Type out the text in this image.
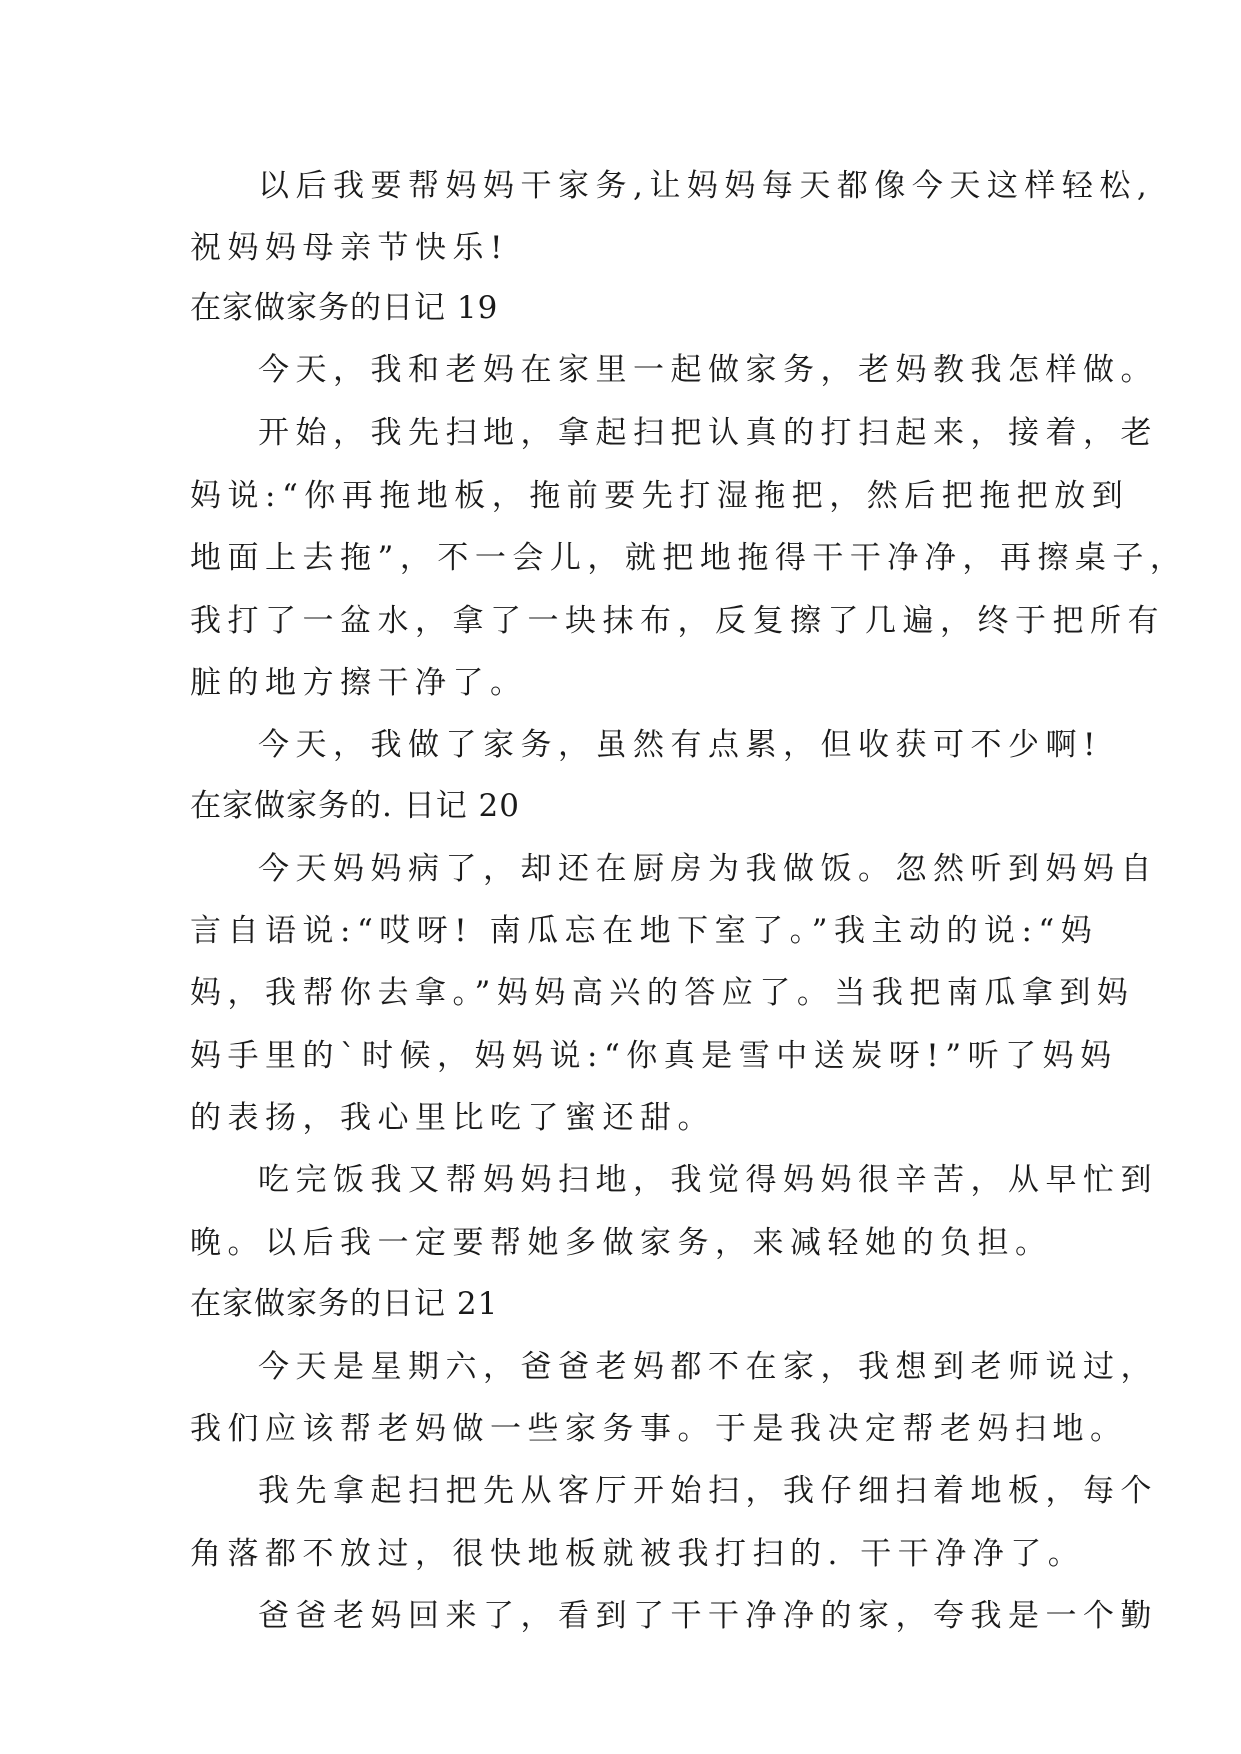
以后我要帮妈妈干家务,让妈妈每天都像今天这样轻松,
祝妈妈母亲节快乐!
在家做家务的日记 19
今天，我和老妈在家里一起做家务，老妈教我怎样做。
开始，我先扫地，拿起扫把认真的打扫起来，接着，老
妈说:“你再拖地板，拖前要先打湿拖把，然后把拖把放到
地面上去拖”，不一会儿，就把地拖得干干净净，再擦桌子，
我打了一盆水，拿了一块抹布，反复擦了几遍，终于把所有
脏的地方擦干净了。
今天，我做了家务，虽然有点累，但收获可不少啊!
在家做家务的. 日记 20
今天妈妈病了，却还在厨房为我做饭。忽然听到妈妈自
言自语说:“哎呀! 南瓜忘在地下室了。”我主动的说:“妈
妈，我帮你去拿。”妈妈高兴的答应了。当我把南瓜拿到妈
妈手里的`时候，妈妈说:“你真是雪中送炭呀!”听了妈妈
的表扬，我心里比吃了蜜还甜。
吃完饭我又帮妈妈扫地，我觉得妈妈很辛苦，从早忙到
晚。以后我一定要帮她多做家务，来减轻她的负担。
在家做家务的日记 21
今天是星期六，爸爸老妈都不在家，我想到老师说过，
我们应该帮老妈做一些家务事。于是我决定帮老妈扫地。
我先拿起扫把先从客厅开始扫，我仔细扫着地板，每个
角落都不放过，很快地板就被我打扫的. 干干净净了。
爸爸老妈回来了，看到了干干净净的家，夸我是一个勤
